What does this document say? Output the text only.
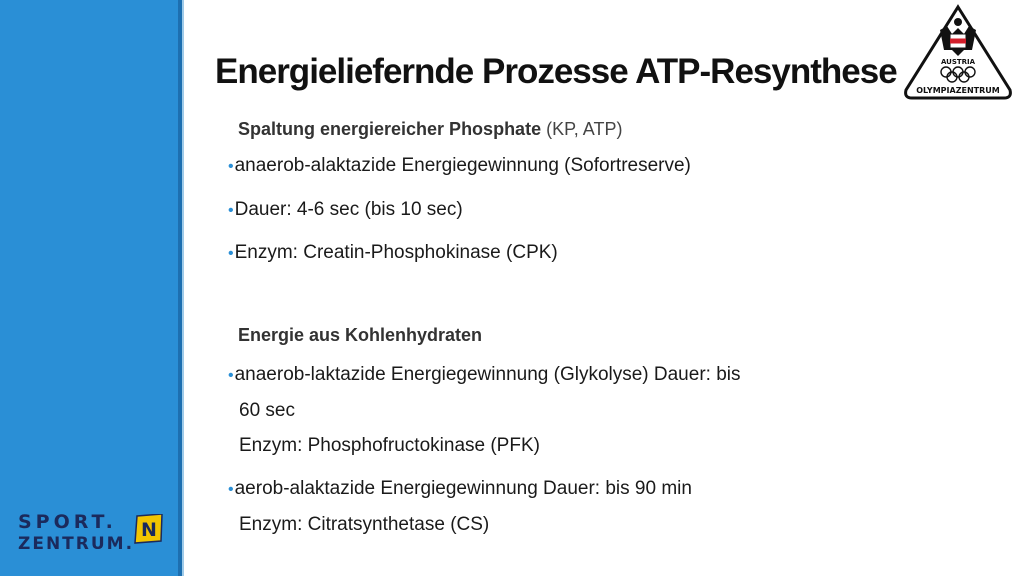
SPORT.
ZENTRUM.
N
Energieliefernde Prozesse ATP-Resynthese	AUSTRIA
OLYMPIAZENTRUM
Spaltung energiereicher Phosphate (KP, ATP)
• anaerob-alaktazide Energiegewinnung (Sofortreserve)
• Dauer: 4-6 sec (bis 10 sec)
• Enzym: Creatin-Phosphokinase (CPK)
Energie aus Kohlenhydraten
• anaerob-laktazide Energiegewinnung (Glykolyse) Dauer: bis
60 sec
Enzym: Phosphofructokinase (PFK)
• aerob-alaktazide Energiegewinnung Dauer: bis 90 min
Enzym: Citratsynthetase (CS)
